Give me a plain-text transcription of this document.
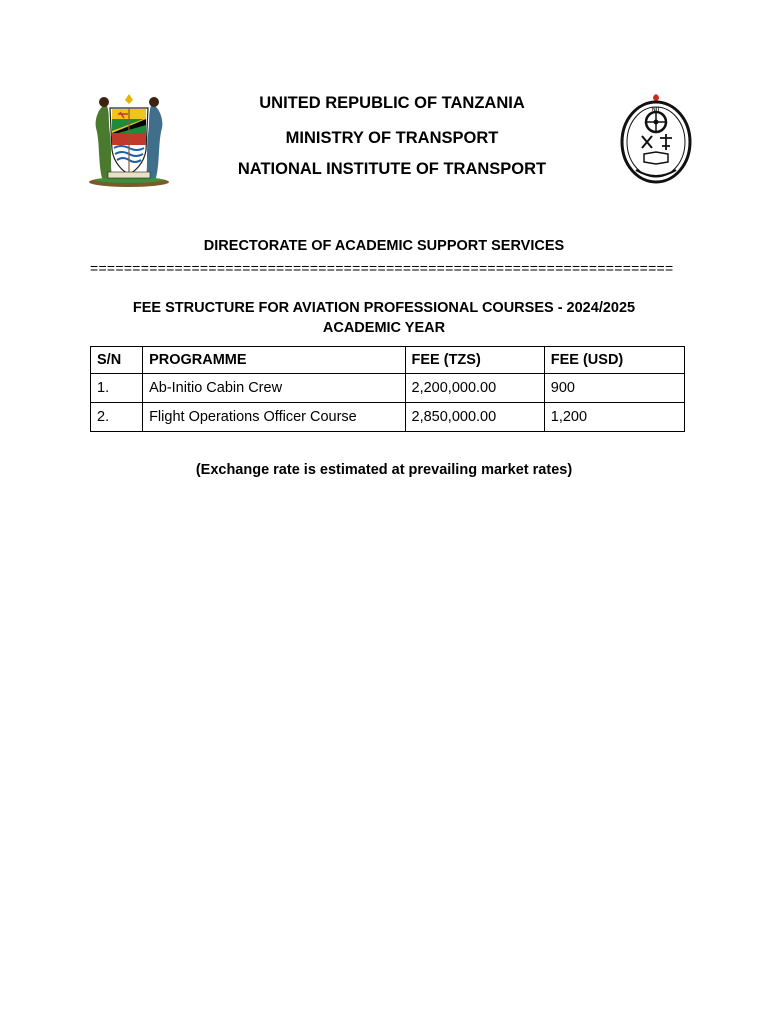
UNITED REPUBLIC OF TANZANIA
MINISTRY OF TRANSPORT
NATIONAL INSTITUTE OF TRANSPORT
NIT
DIRECTORATE OF ACADEMIC SUPPORT SERVICES
=====================================================================
FEE STRUCTURE FOR AVIATION PROFESSIONAL COURSES - 2024/2025
ACADEMIC YEAR
S/N	PROGRAMME	FEE (TZS)	FEE (USD)
1.	Ab-Initio Cabin Crew	2,200,000.00	900
2.	Flight Operations Officer Course	2,850,000.00	1,200
(Exchange rate is estimated at prevailing market rates)
